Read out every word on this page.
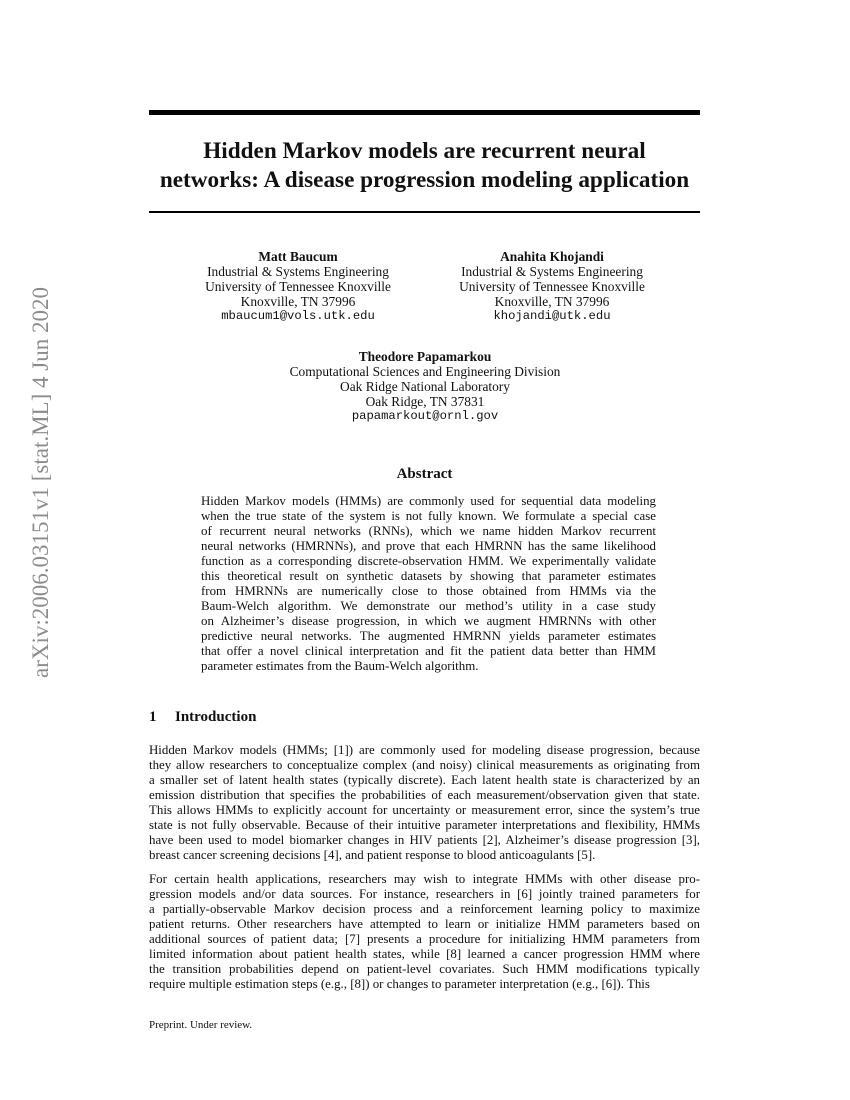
arXiv:2006.03151v1 [stat.ML] 4 Jun 2020
Hidden Markov models are recurrent neural
networks: A disease progression modeling application
Matt Baucum
Industrial & Systems Engineering
University of Tennessee Knoxville
Knoxville, TN 37996
mbaucum1@vols.utk.edu
Anahita Khojandi
Industrial & Systems Engineering
University of Tennessee Knoxville
Knoxville, TN 37996
khojandi@utk.edu
Theodore Papamarkou
Computational Sciences and Engineering Division
Oak Ridge National Laboratory
Oak Ridge, TN 37831
papamarkout@ornl.gov
Abstract
Hidden Markov models (HMMs) are commonly used for sequential data modeling
when the true state of the system is not fully known. We formulate a special case
of recurrent neural networks (RNNs), which we name hidden Markov recurrent
neural networks (HMRNNs), and prove that each HMRNN has the same likelihood
function as a corresponding discrete-observation HMM. We experimentally validate
this theoretical result on synthetic datasets by showing that parameter estimates
from HMRNNs are numerically close to those obtained from HMMs via the
Baum-Welch algorithm. We demonstrate our method’s utility in a case study
on Alzheimer’s disease progression, in which we augment HMRNNs with other
predictive neural networks. The augmented HMRNN yields parameter estimates
that offer a novel clinical interpretation and fit the patient data better than HMM
parameter estimates from the Baum-Welch algorithm.
1 Introduction
Hidden Markov models (HMMs; [1]) are commonly used for modeling disease progression, because
they allow researchers to conceptualize complex (and noisy) clinical measurements as originating from
a smaller set of latent health states (typically discrete). Each latent health state is characterized by an
emission distribution that specifies the probabilities of each measurement/observation given that state.
This allows HMMs to explicitly account for uncertainty or measurement error, since the system’s true
state is not fully observable. Because of their intuitive parameter interpretations and flexibility, HMMs
have been used to model biomarker changes in HIV patients [2], Alzheimer’s disease progression [3],
breast cancer screening decisions [4], and patient response to blood anticoagulants [5].
For certain health applications, researchers may wish to integrate HMMs with other disease pro-
gression models and/or data sources. For instance, researchers in [6] jointly trained parameters for
a partially-observable Markov decision process and a reinforcement learning policy to maximize
patient returns. Other researchers have attempted to learn or initialize HMM parameters based on
additional sources of patient data; [7] presents a procedure for initializing HMM parameters from
limited information about patient health states, while [8] learned a cancer progression HMM where
the transition probabilities depend on patient-level covariates. Such HMM modifications typically
require multiple estimation steps (e.g., [8]) or changes to parameter interpretation (e.g., [6]). This
Preprint. Under review.
